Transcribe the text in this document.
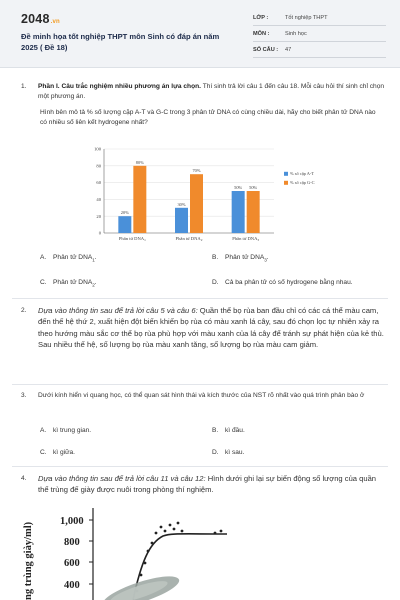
2048.vn
Đề minh họa tốt nghiệp THPT môn Sinh có đáp án năm 2025 ( Đề 18)
LỚP :	Tốt nghiệp THPT
MÔN :	Sinh học
SỐ CÂU : 47
1. Phần I. Câu trắc nghiệm nhiều phương án lựa chọn. Thí sinh trả lời câu 1 đến câu 18. Mỗi câu hỏi thí sinh chỉ chọn một phương án.
Hình bên mô tả % số lượng cặp A-T và G-C trong 3 phân tử DNA có cùng chiều dài, hãy cho biết phân tử DNA nào có nhiều số liên kết hydrogene nhất?
0
20
40
60
80
100
20%
80%
Phân tử $DNA_1$
30%
70%
Phân tử $DNA_2$
50% 50%
Phân tử $DNA_3$
% số cặp A-T
% số cặp G-C
A. Phân tử $DNA_1$.	B. Phân tử $DNA_3$.
C. Phân tử $DNA_2$.	D. Cả ba phân tử có số hydrogene bằng nhau.
2. Dựa vào thông tin sau để trả lời câu 5 và câu 6: Quần thể bọ rùa ban đầu chỉ có các cá thể màu cam, đến thế hệ thứ 2, xuất hiện đột biến khiến bọ rùa có màu xanh lá cây, sau đó chọn lọc tự nhiên xảy ra theo hướng màu sắc cơ thể bọ rùa phù hợp với màu xanh của lá cây để tránh sự phát hiện của kẻ thù. Sau nhiều thế hệ, số lượng bọ rùa màu xanh tăng, số lượng bọ rùa màu cam giảm.
3. Dưới kính hiển vi quang học, có thể quan sát hình thái và kích thước của NST rõ nhất vào quá trình phân bào ở
A. kì trung gian.	B. kì đầu.
C. kì giữa.	D. kì sau.
4. Dựa vào thông tin sau để trả lời câu 11 và câu 12: Hình dưới ghi lại sự biến động số lượng của quần thể trùng đế giày được nuôi trong phòng thí nghiệm.
ng trùng giày/ml)
1,000
800
600
400
